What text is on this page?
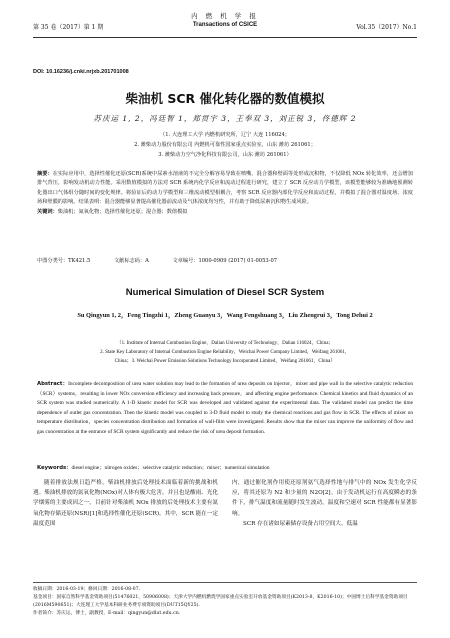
第 35 卷（2017）第 1 期
内 燃 机 学 报
Transactions of CSICE	Vol.35（2017）No.1
DOI: 10.16236/j.cnki.nrjxb.201701008
柴油机 SCR 催化转化器的数值模拟
苏庆运 1, 2，冯廷智 1，郑贯宇 3，王奉双 3，刘正锐 3，佟德辉 2
（1. 大连理工大学 内燃机研究所，辽宁 大连 116024；
2. 潍柴动力股份有限公司 内燃机可靠性国家重点实验室，山东 潍坊 261061；
3. 潍柴动力空气净化科技有限公司，山东 潍坊 261061）
摘要：在实际应用中，选择性催化还原(SCR)系统中尿素水溶液的不完全分解容易导致在喷嘴、混合器和壁面等处形成沉积物，不仅降低 NOx 转化效率，还会增加排气背压，影响发动机动力性能。采用数值模拟的方法对 SCR 系统内化学反应和流动过程进行研究，建立了 SCR 反应动力学模型，该模型能够较为准确地预测转化器出口气体组分随时间的变化规律。将验证后的动力学模型和三维流动模型相耦合，考察 SCR 反应器内部化学反应和流动过程，并模拟了混合器对温度场、浓度场和壁膜的影响。结果表明：混合器能够显著提高催化器前流动及气体浓度均匀性，并有助于降低尿素沉积物生成风险。
关键词：柴油机；氮氧化物；选择性催化还原；混合器；数值模拟
中图分类号：TK421.5	文献标志码：A	文章编号：1000-0909 (2017) 01-0053-07
Numerical Simulation of Diesel SCR System
Su Qingyun 1, 2，Feng Tingzhi 1，Zheng Guanyu 3，Wang Fengshuang 3，Liu Zhengrui 3，Tong Dehui 2
（1. Institute of Internal Combustion Engine，Dalian University of Technology，Dalian 116024，China；
2. State Key Laboratory of Internal Combustion Engine Reliability，Weichai Power Company Limited，Weifang 261061，
China；3. Weichai Power Emission Solutions Technology Incorporated Limited，Weifang 261061，China）
Abstract：Incomplete decomposition of urea water solution may lead to the formation of urea deposits on injector，mixer and pipe wall in the selective catalytic reduction（SCR）systems，resulting in lower NOx conversion efficiency and increasing back pressure，and affecting engine performance. Chemical kinetics and fluid dynamics of an SCR system was studied numerically. A 1-D kinetic model for SCR was developed and validated against the experimental data. The validated model can predict the time dependence of outlet gas concentration. Then the kinetic model was coupled to 3-D fluid model to study the chemical reactions and gas flow in SCR. The effects of mixer on temperature distribution，species concentration distribution and formation of wall-film were investigated. Results show that the mixer can improve the uniformity of flow and gas concentration at the entrance of SCR system significantly and reduce the risk of urea deposit formation.
Keywords：diesel engine；nitrogen oxides；selective catalytic reduction；mixer；numerical simulation
随着排放法规日趋严格，柴油机排放后处理技术面临着新的挑战和机遇。柴油机排放的氮氧化物(NOx)对人体有极大危害，并且也是酸雨、光化学烟雾的主要成因之一。目前针对柴油机 NOx 排放的后处理技术主要有氮氧化物存储还原(NSR)[1]和选择性催化还原(SCR)。其中，SCR 能在一定温度范围
内，通过催化剂作用使还原剂氨气选择性地与排气中的 NOx 发生化学反应，将其还原为 N2 和少量的 N2O[2]。由于发动机运行在高度瞬态的条件下，排气温度和流量随时发生波动，温度和空速对 SCR 性能都有显著影响。
SCR 存在诸如尿素储存设备占用空间大、低温
收稿日期：2016-03-19；修回日期：2016-08-07.
基金项目：国家自然科学基金资助项目(51476021，50906008)；天津大学内燃机燃烧学国家重点实验室开放基金资助项目(K2013-8，K2016-10)；中国博士后科学基金资助项目(2016M590651)；大连理工大学基本科研业务费专项资助项目(DUT15QY25).
作者简介：苏庆运，博士，副教授，E-mail：qingyun@dlut.edu.cn.
